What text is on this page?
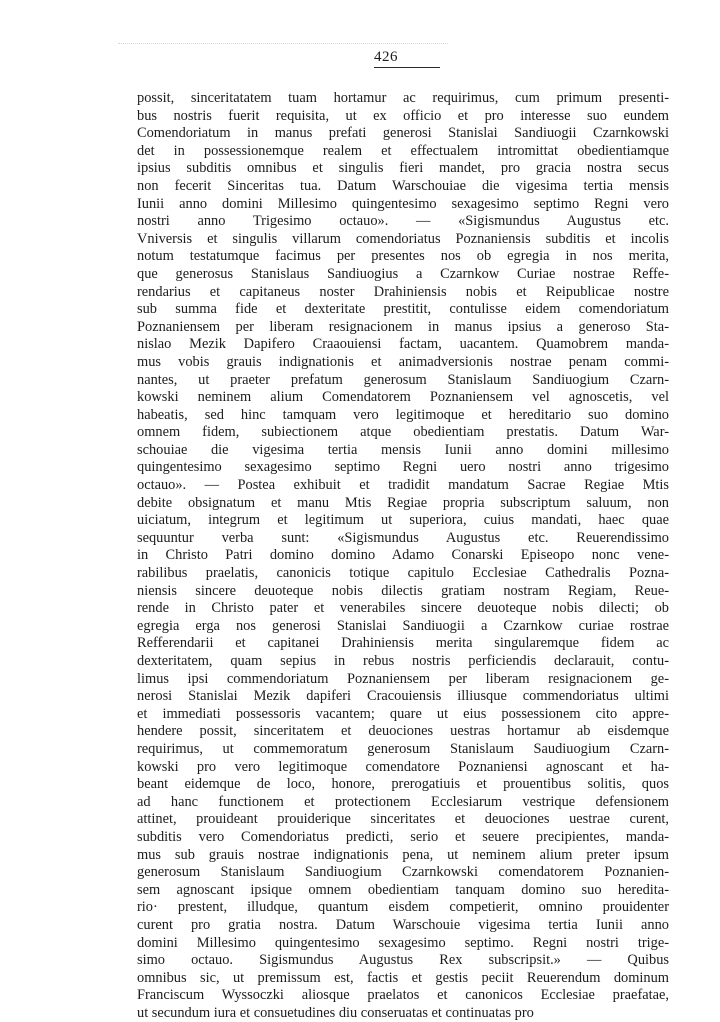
426
possit, sinceritatatem tuam hortamur ac requirimus, cum primum presenti-
bus nostris fuerit requisita, ut ex officio et pro interesse suo eundem
Comendoriatum in manus prefati generosi Stanislai Sandiuogii Czarnkowski
det in possessionemque realem et effectualem intromittat obedientiamque
ipsius subditis omnibus et singulis fieri mandet, pro gracia nostra secus
non fecerit Sinceritas tua. Datum Warschouiae die vigesima tertia mensis
Iunii anno domini Millesimo quingentesimo sexagesimo septimo Regni vero
nostri anno Trigesimo octauo». — «Sigismundus Augustus etc.
Vniversis et singulis villarum comendoriatus Poznaniensis subditis et incolis
notum testatumque facimus per presentes nos ob egregia in nos merita,
que generosus Stanislaus Sandiuogius a Czarnkow Curiae nostrae Reffe-
rendarius et capitaneus noster Drahiniensis nobis et Reipublicae nostre
sub summa fide et dexteritate prestitit, contulisse eidem comendoriatum
Poznaniensem per liberam resignacionem in manus ipsius a generoso Sta-
nislao Mezik Dapifero Craaouiensi factam, uacantem. Quamobrem manda-
mus vobis grauis indignationis et animadversionis nostrae penam commi-
nantes, ut praeter prefatum generosum Stanislaum Sandiuogium Czarn-
kowski neminem alium Comendatorem Poznaniensem vel agnoscetis, vel
habeatis, sed hinc tamquam vero legitimoque et hereditario suo domino
omnem fidem, subiectionem atque obedientiam prestatis. Datum War-
schouiae die vigesima tertia mensis Iunii anno domini millesimo
quingentesimo sexagesimo septimo Regni uero nostri anno trigesimo
octauo». — Postea exhibuit et tradidit mandatum Sacrae Regiae Mtis
debite obsignatum et manu Mtis Regiae propria subscriptum saluum, non
uiciatum, integrum et legitimum ut superiora, cuius mandati, haec quae
sequuntur verba sunt: «Sigismundus Augustus etc. Reuerendissimo
in Christo Patri domino domino Adamo Conarski Episeopo nonc vene-
rabilibus praelatis, canonicis totique capitulo Ecclesiae Cathedralis Pozna-
niensis sincere deuoteque nobis dilectis gratiam nostram Regiam, Reue-
rende in Christo pater et venerabiles sincere deuoteque nobis dilecti; ob
egregia erga nos generosi Stanislai Sandiuogii a Czarnkow curiae rostrae
Refferendarii et capitanei Drahiniensis merita singularemque fidem ac
dexteritatem, quam sepius in rebus nostris perficiendis declarauit, contu-
limus ipsi commendoriatum Poznaniensem per liberam resignacionem ge-
nerosi Stanislai Mezik dapiferi Cracouiensis illiusque commendoriatus ultimi
et immediati possessoris vacantem; quare ut eius possessionem cito appre-
hendere possit, sinceritatem et deuociones uestras hortamur ab eisdemque
requirimus, ut commemoratum generosum Stanislaum Saudiuogium Czarn-
kowski pro vero legitimoque comendatore Poznaniensi agnoscant et ha-
beant eidemque de loco, honore, prerogatiuis et prouentibus solitis, quos
ad hanc functionem et protectionem Ecclesiarum vestrique defensionem
attinet, prouideant prouiderique sinceritates et deuociones uestrae curent,
subditis vero Comendoriatus predicti, serio et seuere precipientes, manda-
mus sub grauis nostrae indignationis pena, ut neminem alium preter ipsum
generosum Stanislaum Sandiuogium Czarnkowski comendatorem Poznanien-
sem agnoscant ipsique omnem obedientiam tanquam domino suo heredita-
rio· prestent, illudque, quantum eisdem competierit, omnino prouidenter
curent pro gratia nostra. Datum Warschouie vigesima tertia Iunii anno
domini Millesimo quingentesimo sexagesimo septimo. Regni nostri trige-
simo octauo. Sigismundus Augustus Rex subscripsit.» — Quibus
omnibus sic, ut premissum est, factis et gestis peciit Reuerendum dominum
Franciscum Wyssoczki aliosque praelatos et canonicos Ecclesiae praefatae,
ut secundum iura et consuetudines diu conseruatas et continuatas pro
